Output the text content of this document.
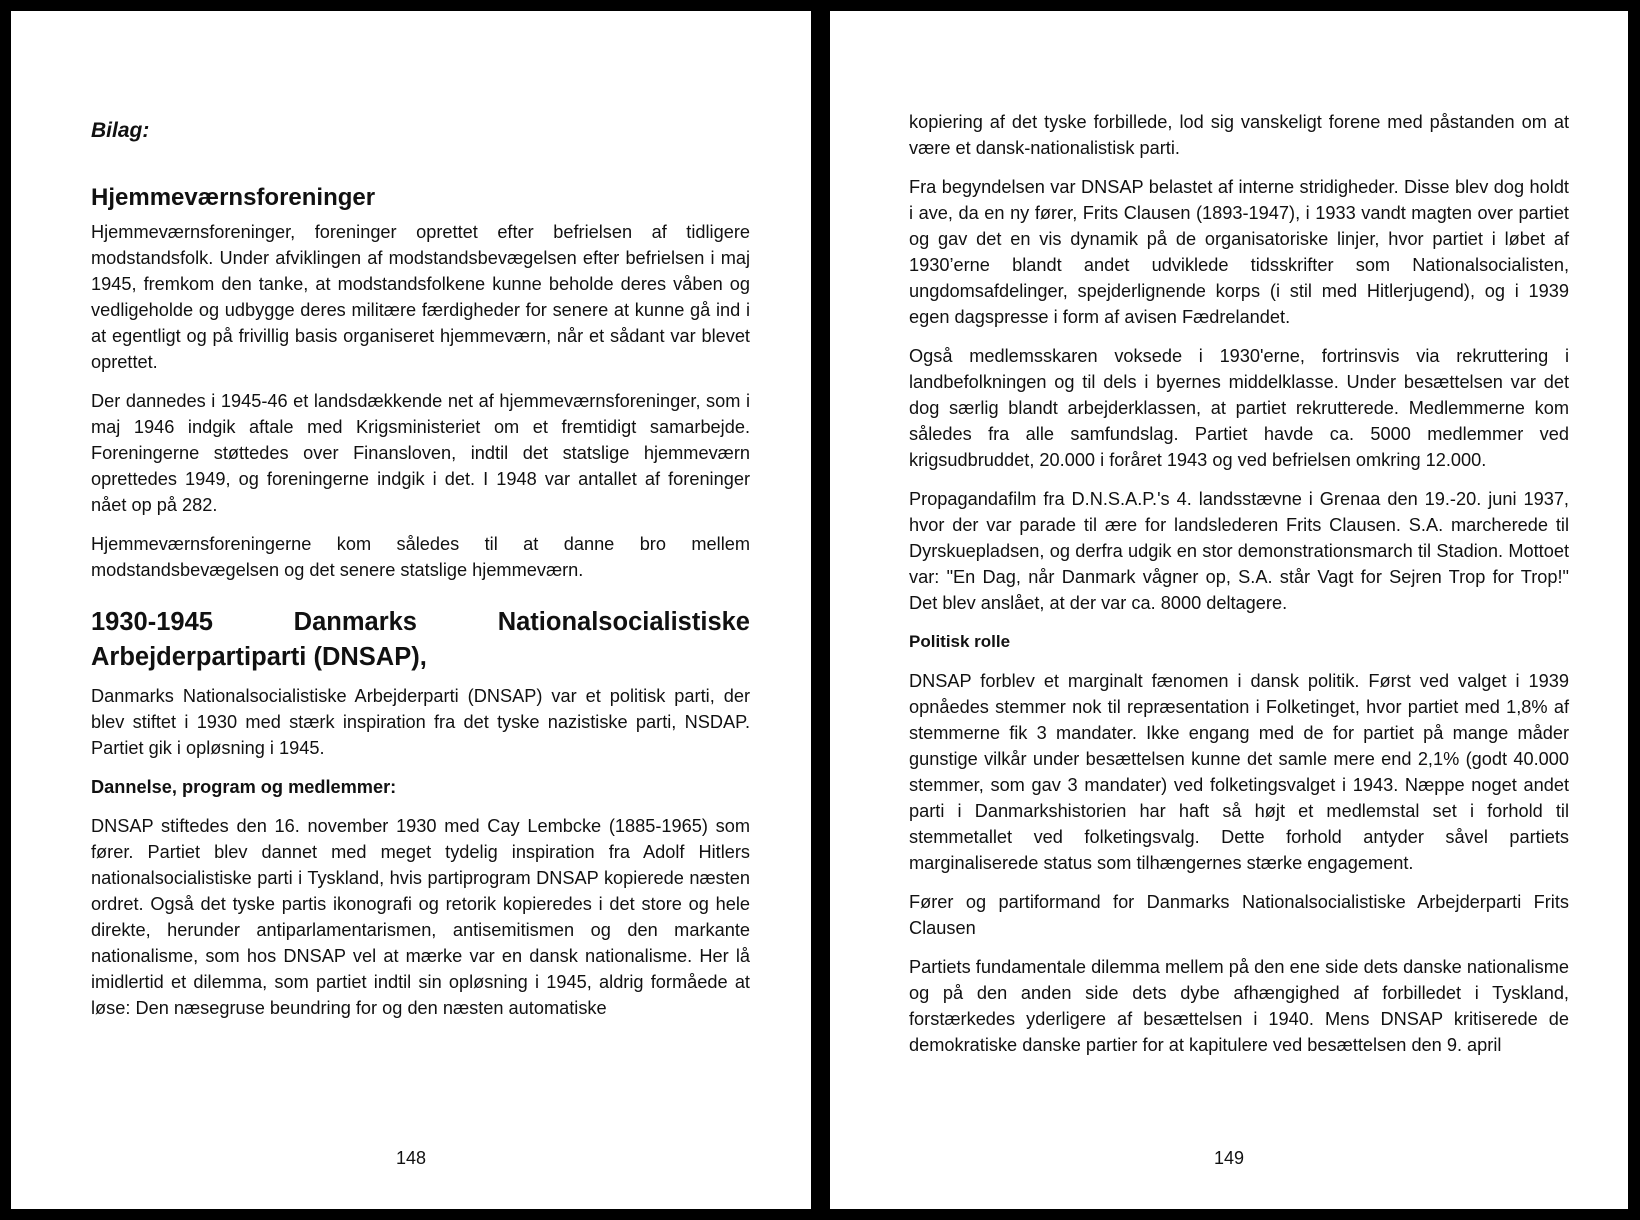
Bilag:
Hjemmeværnsforeninger

Hjemmeværnsforeninger, foreninger oprettet efter befrielsen af tidligere modstandsfolk. Under afviklingen af modstandsbevægelsen efter befrielsen i maj 1945, fremkom den tanke, at modstandsfolkene kunne beholde deres våben og vedligeholde og udbygge deres militære færdigheder for senere at kunne gå ind i at egentligt og på frivillig basis organiseret hjemmeværn, når et sådant var blevet oprettet.

Der dannedes i 1945-46 et landsdækkende net af hjemmeværnsforeninger, som i maj 1946 indgik aftale med Krigsministeriet om et fremtidigt samarbejde. Foreningerne støttedes over Finansloven, indtil det statslige hjemmeværn oprettedes 1949, og foreningerne indgik i det. I 1948 var antallet af foreninger nået op på 282.

Hjemmeværnsforeningerne kom således til at danne bro mellem modstandsbevægelsen og det senere statslige hjemmeværn.

1930-1945 Danmarks Nationalsocialistiske Arbejderpartiparti (DNSAP),

Danmarks Nationalsocialistiske Arbejderparti (DNSAP) var et politisk parti, der blev stiftet i 1930 med stærk inspiration fra det tyske nazistiske parti, NSDAP. Partiet gik i opløsning i 1945.

Dannelse, program og medlemmer:

DNSAP stiftedes den 16. november 1930 med Cay Lembcke (1885-1965) som fører. Partiet blev dannet med meget tydelig inspiration fra Adolf Hitlers nationalsocialistiske parti i Tyskland, hvis partiprogram DNSAP kopierede næsten ordret. Også det tyske partis ikonografi og retorik kopieredes i det store og hele direkte, herunder antiparlamentarismen, antisemitismen og den markante nationalisme, som hos DNSAP vel at mærke var en dansk nationalisme. Her lå imidlertid et dilemma, som partiet indtil sin opløsning i 1945, aldrig formåede at løse: Den næsegruse beundring for og den næsten automatiske

148

kopiering af det tyske forbillede, lod sig vanskeligt forene med påstanden om at være et dansk-nationalistisk parti.

Fra begyndelsen var DNSAP belastet af interne stridigheder. Disse blev dog holdt i ave, da en ny fører, Frits Clausen (1893-1947), i 1933 vandt magten over partiet og gav det en vis dynamik på de organisatoriske linjer, hvor partiet i løbet af 1930’erne blandt andet udviklede tidsskrifter som Nationalsocialisten, ungdomsafdelinger, spejderlignende korps (i stil med Hitlerjugend), og i 1939 egen dagspresse i form af avisen Fædrelandet.

Også medlemsskaren voksede i 1930'erne, fortrinsvis via rekruttering i landbefolkningen og til dels i byernes middelklasse. Under besættelsen var det dog særlig blandt arbejderklassen, at partiet rekrutterede. Medlemmerne kom således fra alle samfundslag. Partiet havde ca. 5000 medlemmer ved krigsudbruddet, 20.000 i foråret 1943 og ved befrielsen omkring 12.000.

Propagandafilm fra D.N.S.A.P.'s 4. landsstævne i Grenaa den 19.-20. juni 1937, hvor der var parade til ære for landslederen Frits Clausen. S.A. marcherede til Dyrskuepladsen, og derfra udgik en stor demonstrationsmarch til Stadion. Mottoet var: "En Dag, når Danmark vågner op, S.A. står Vagt for Sejren Trop for Trop!" Det blev anslået, at der var ca. 8000 deltagere.

Politisk rolle

DNSAP forblev et marginalt fænomen i dansk politik. Først ved valget i 1939 opnåedes stemmer nok til repræsentation i Folketinget, hvor partiet med 1,8% af stemmerne fik 3 mandater. Ikke engang med de for partiet på mange måder gunstige vilkår under besættelsen kunne det samle mere end 2,1% (godt 40.000 stemmer, som gav 3 mandater) ved folketingsvalget i 1943. Næppe noget andet parti i Danmarkshistorien har haft så højt et medlemstal set i forhold til stemmetallet ved folketingsvalg. Dette forhold antyder såvel partiets marginaliserede status som tilhængernes stærke engagement.

Fører og partiformand for Danmarks Nationalsocialistiske Arbejderparti Frits Clausen

Partiets fundamentale dilemma mellem på den ene side dets danske nationalisme og på den anden side dets dybe afhængighed af forbilledet i Tyskland, forstærkedes yderligere af besættelsen i 1940. Mens DNSAP kritiserede de demokratiske danske partier for at kapitulere ved besættelsen den 9. april

149
